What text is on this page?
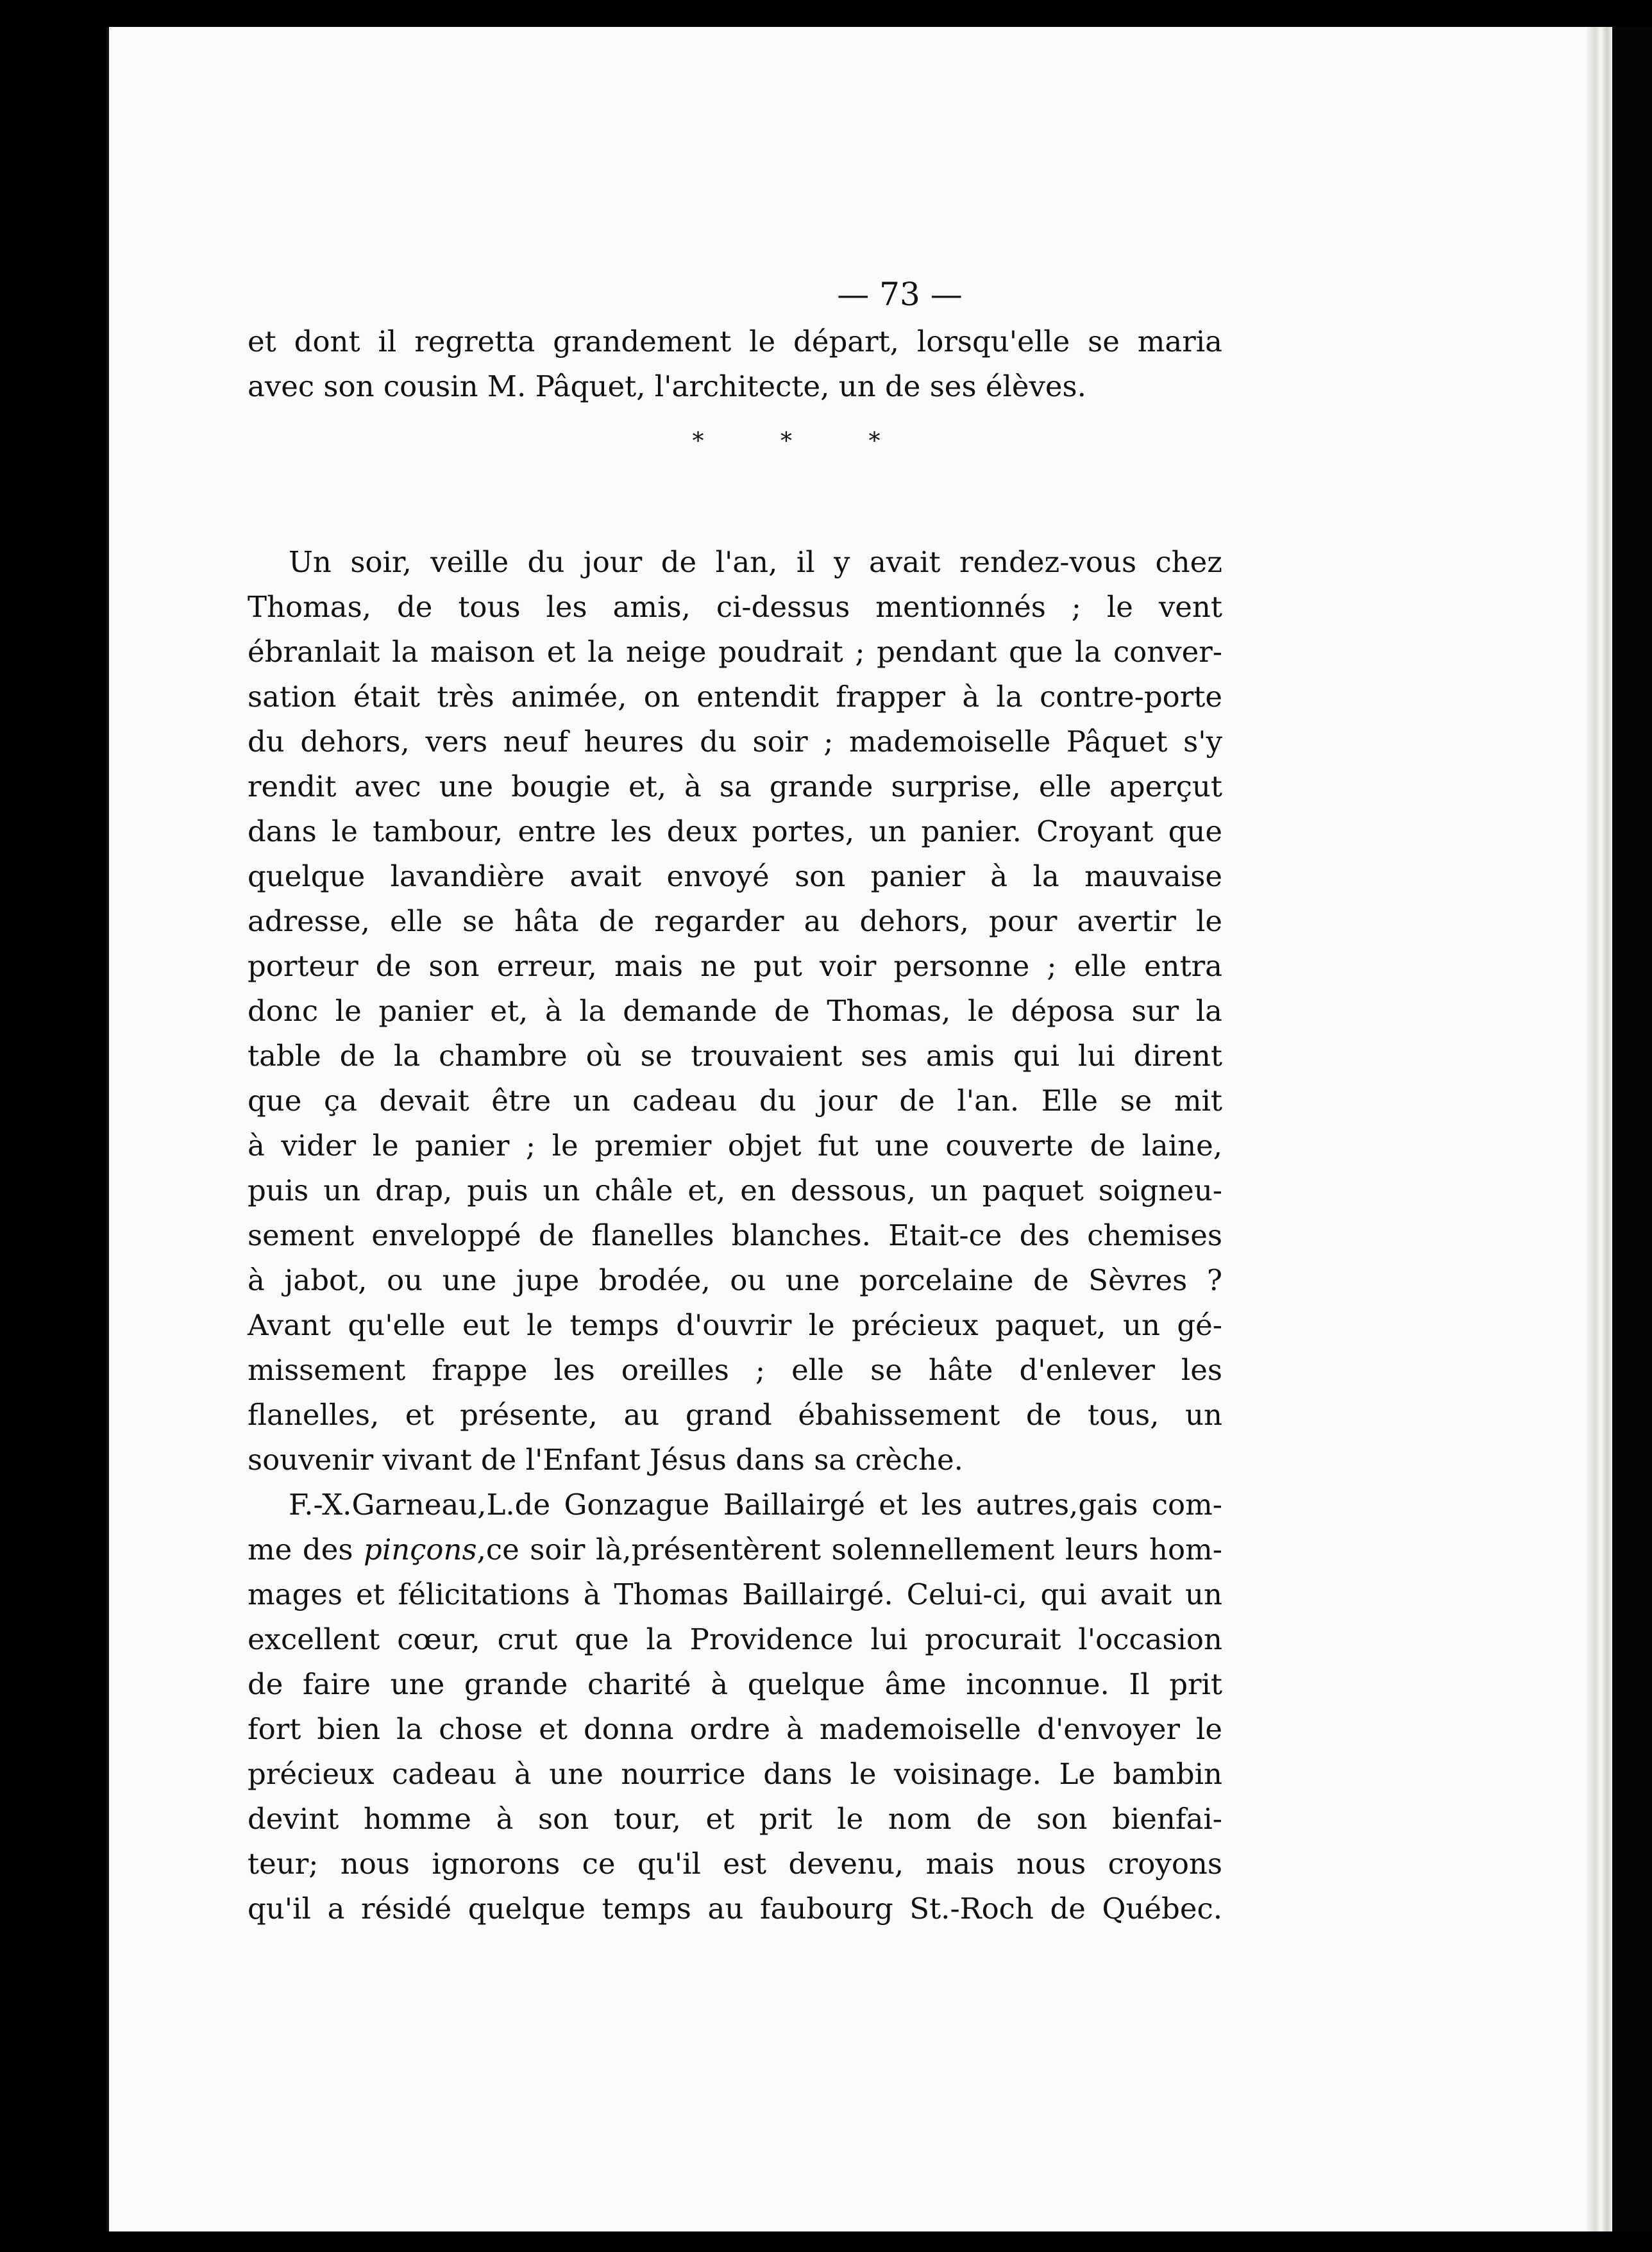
— 73 —
et dont il regretta grandement le départ, lorsqu'elle se maria
avec son cousin M. Pâquet, l'architecte, un de ses élèves.
*	*	*
Un soir, veille du jour de l'an, il y avait rendez-vous chez
Thomas, de tous les amis, ci-dessus mentionnés ; le vent
ébranlait la maison et la neige poudrait ; pendant que la conver-
sation était très animée, on entendit frapper à la contre-porte
du dehors, vers neuf heures du soir ; mademoiselle Pâquet s'y
rendit avec une bougie et, à sa grande surprise, elle aperçut
dans le tambour, entre les deux portes, un panier. Croyant que
quelque lavandière avait envoyé son panier à la mauvaise
adresse, elle se hâta de regarder au dehors, pour avertir le
porteur de son erreur, mais ne put voir personne ; elle entra
donc le panier et, à la demande de Thomas, le déposa sur la
table de la chambre où se trouvaient ses amis qui lui dirent
que ça devait être un cadeau du jour de l'an. Elle se mit
à vider le panier ; le premier objet fut une couverte de laine,
puis un drap, puis un châle et, en dessous, un paquet soigneu-
sement enveloppé de flanelles blanches. Etait-ce des chemises
à jabot, ou une jupe brodée, ou une porcelaine de Sèvres ?
Avant qu'elle eut le temps d'ouvrir le précieux paquet, un gé-
missement frappe les oreilles ; elle se hâte d'enlever les
flanelles, et présente, au grand ébahissement de tous, un
souvenir vivant de l'Enfant Jésus dans sa crèche.
F.-X.Garneau,L.de Gonzague Baillairgé et les autres,gais com-
me des pinçons,ce soir là,présentèrent solennellement leurs hom-
mages et félicitations à Thomas Baillairgé. Celui-ci, qui avait un
excellent cœur, crut que la Providence lui procurait l'occasion
de faire une grande charité à quelque âme inconnue. Il prit
fort bien la chose et donna ordre à mademoiselle d'envoyer le
précieux cadeau à une nourrice dans le voisinage. Le bambin
devint homme à son tour, et prit le nom de son bienfai-
teur; nous ignorons ce qu'il est devenu, mais nous croyons
qu'il a résidé quelque temps au faubourg St.-Roch de Québec.
